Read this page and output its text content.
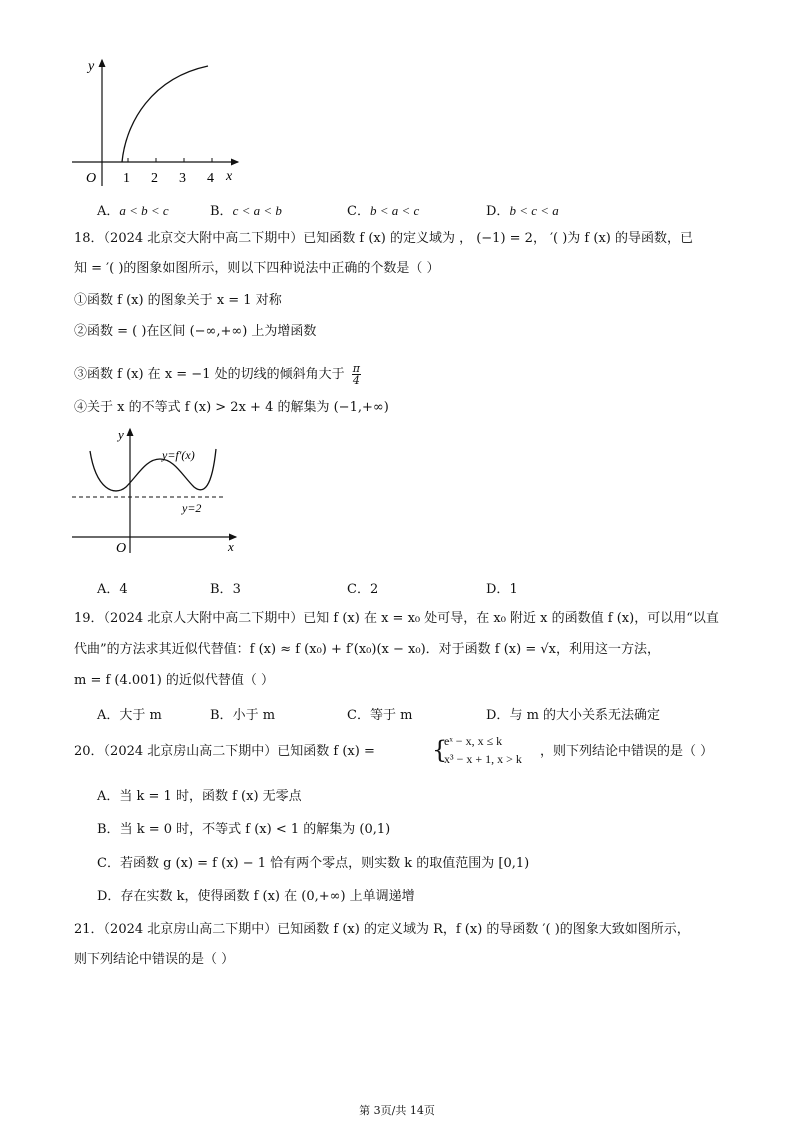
y
x
O 1 2 3 4
A．a < b < c	B．c < a < b	C．b < a < c	D．b < c < a
18．（2024 北京交大附中高二下期中）已知函数 f (x) 的定义域为 ， (−1) = 2， ′( )为 f (x) 的导函数，已
知 = ′( )的图象如图所示，则以下四种说法中正确的个数是（ ）
①函数 f (x) 的图象关于 x = 1 对称
②函数 = ( )在区间 (−∞,+∞) 上为增函数
③函数 f (x) 在 x = −1 处的切线的倾斜角大于 $\frac{\pi}{4}$
④关于 x 的不等式 f (x) > 2x + 4 的解集为 (−1,+∞)
y
y=f′(x)
y=2
O	x
A．4	B．3	C．2	D．1
19．（2024 北京人大附中高二下期中）已知 f (x) 在 x = x₀ 处可导，在 x₀ 附近 x 的函数值 f (x)，可以用“以直
代曲”的方法求其近似代替值：f (x) ≈ f (x₀) + f′(x₀)(x − x₀)．对于函数 f (x) = √x，利用这一方法，
m = f (4.001) 的近似代替值（ ）
A．大于 m	B．小于 m	C．等于 m	D．与 m 的大小关系无法确定
20．（2024 北京房山高二下期中）已知函数 f (x) = {
eˣ − x, x ≤ k
x³ − x + 1, x > k ，则下列结论中错误的是（ ）
A．当 k = 1 时，函数 f (x) 无零点
B．当 k = 0 时，不等式 f (x) < 1 的解集为 (0,1)
C．若函数 g (x) = f (x) − 1 恰有两个零点，则实数 k 的取值范围为 [0,1)
D．存在实数 k，使得函数 f (x) 在 (0,+∞) 上单调递增
21．（2024 北京房山高二下期中）已知函数 f (x) 的定义域为 R，f (x) 的导函数 ′( )的图象大致如图所示，
则下列结论中错误的是（ ）
第 3页/共 14页
